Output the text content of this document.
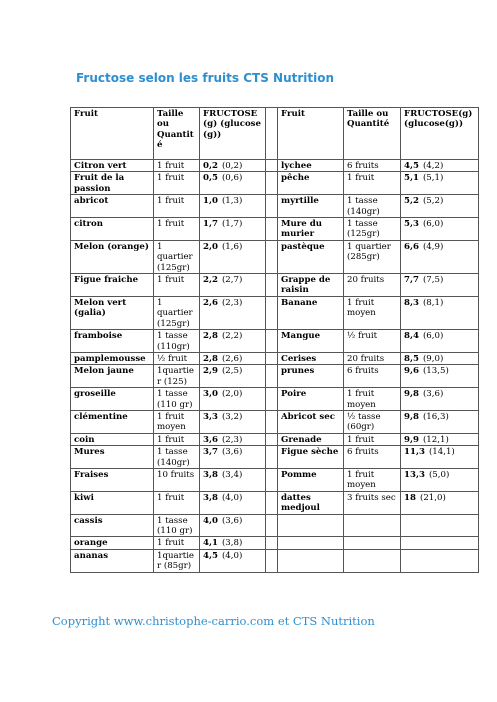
Fructose selon les fruits CTS Nutrition
Fruit	Taille ou Quantit é	FRUCTOSE (g) (glucose (g))		Fruit	Taille ou Quantité	FRUCTOSE(g) (glucose(g))
Citron vert	1 fruit	0,2 (0,2)		lychee	6 fruits	4,5 (4,2)
Fruit de la passion	1 fruit	0,5 (0,6)		pêche	1 fruit	5,1 (5,1)
abricot	1 fruit	1,0 (1,3)		myrtille	1 tasse (140gr)	5,2 (5,2)
citron	1 fruit	1,7 (1,7)		Mure du murier	1 tasse (125gr)	5,3 (6,0)
Melon (orange)	1 quartier (125gr)	2,0 (1,6)		pastèque	1 quartier (285gr)	6,6 (4,9)
Figue fraiche	1 fruit	2,2 (2,7)		Grappe de raisin	20 fruits	7,7 (7,5)
Melon vert (galia)	1 quartier (125gr)	2,6 (2,3)		Banane	1 fruit moyen	8,3 (8,1)
framboise	1 tasse (110gr)	2,8 (2,2)		Mangue	½ fruit	8,4 (6,0)
pamplemousse	½ fruit	2,8 (2,6)		Cerises	20 fruits	8,5 (9,0)
Melon jaune	1quartie r (125)	2,9 (2,5)		prunes	6 fruits	9,6 (13,5)
groseille	1 tasse (110 gr)	3,0 (2,0)		Poire	1 fruit moyen	9,8 (3,6)
clémentine	1 fruit moyen	3,3 (3,2)		Abricot sec	½ tasse (60gr)	9,8 (16,3)
coin	1 fruit	3,6 (2,3)		Grenade	1 fruit	9,9 (12,1)
Mures	1 tasse (140gr)	3,7 (3,6)		Figue sèche	6 fruits	11,3 (14,1)
Fraises	10 fruits	3,8 (3,4)		Pomme	1 fruit moyen	13,3 (5,0)
kiwi	1 fruit	3,8 (4,0)		dattes medjoul	3 fruits sec	18 (21,0)
cassis	1 tasse (110 gr)	4,0 (3,6)				
orange	1 fruit	4,1 (3,8)				
ananas	1quartie r (85gr)	4,5 (4,0)				
Copyright www.christophe-carrio.com et CTS Nutrition
